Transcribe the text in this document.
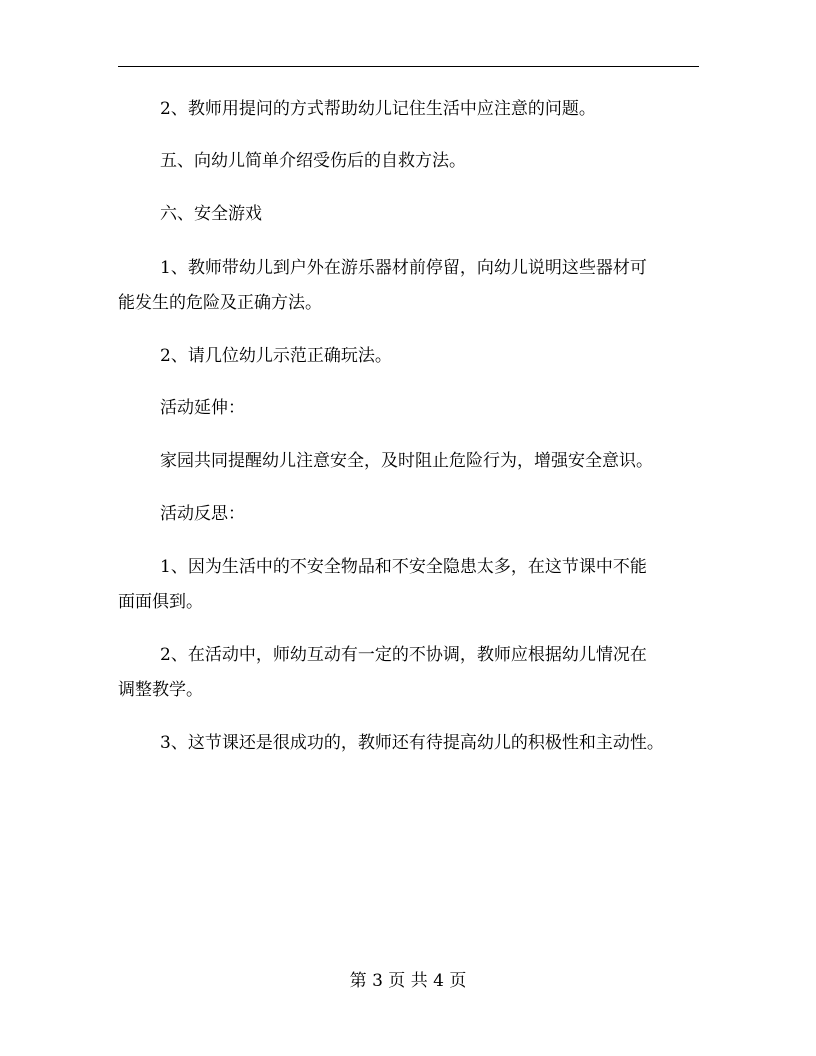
2、教师用提问的方式帮助幼儿记住生活中应注意的问题。
五、向幼儿简单介绍受伤后的自救方法。
六、安全游戏
1、教师带幼儿到户外在游乐器材前停留，向幼儿说明这些器材可
能发生的危险及正确方法。
2、请几位幼儿示范正确玩法。
活动延伸：
家园共同提醒幼儿注意安全，及时阻止危险行为，增强安全意识。
活动反思：
1、因为生活中的不安全物品和不安全隐患太多，在这节课中不能
面面俱到。
2、在活动中，师幼互动有一定的不协调，教师应根据幼儿情况在
调整教学。
3、这节课还是很成功的，教师还有待提高幼儿的积极性和主动性。
第 3 页 共 4 页
